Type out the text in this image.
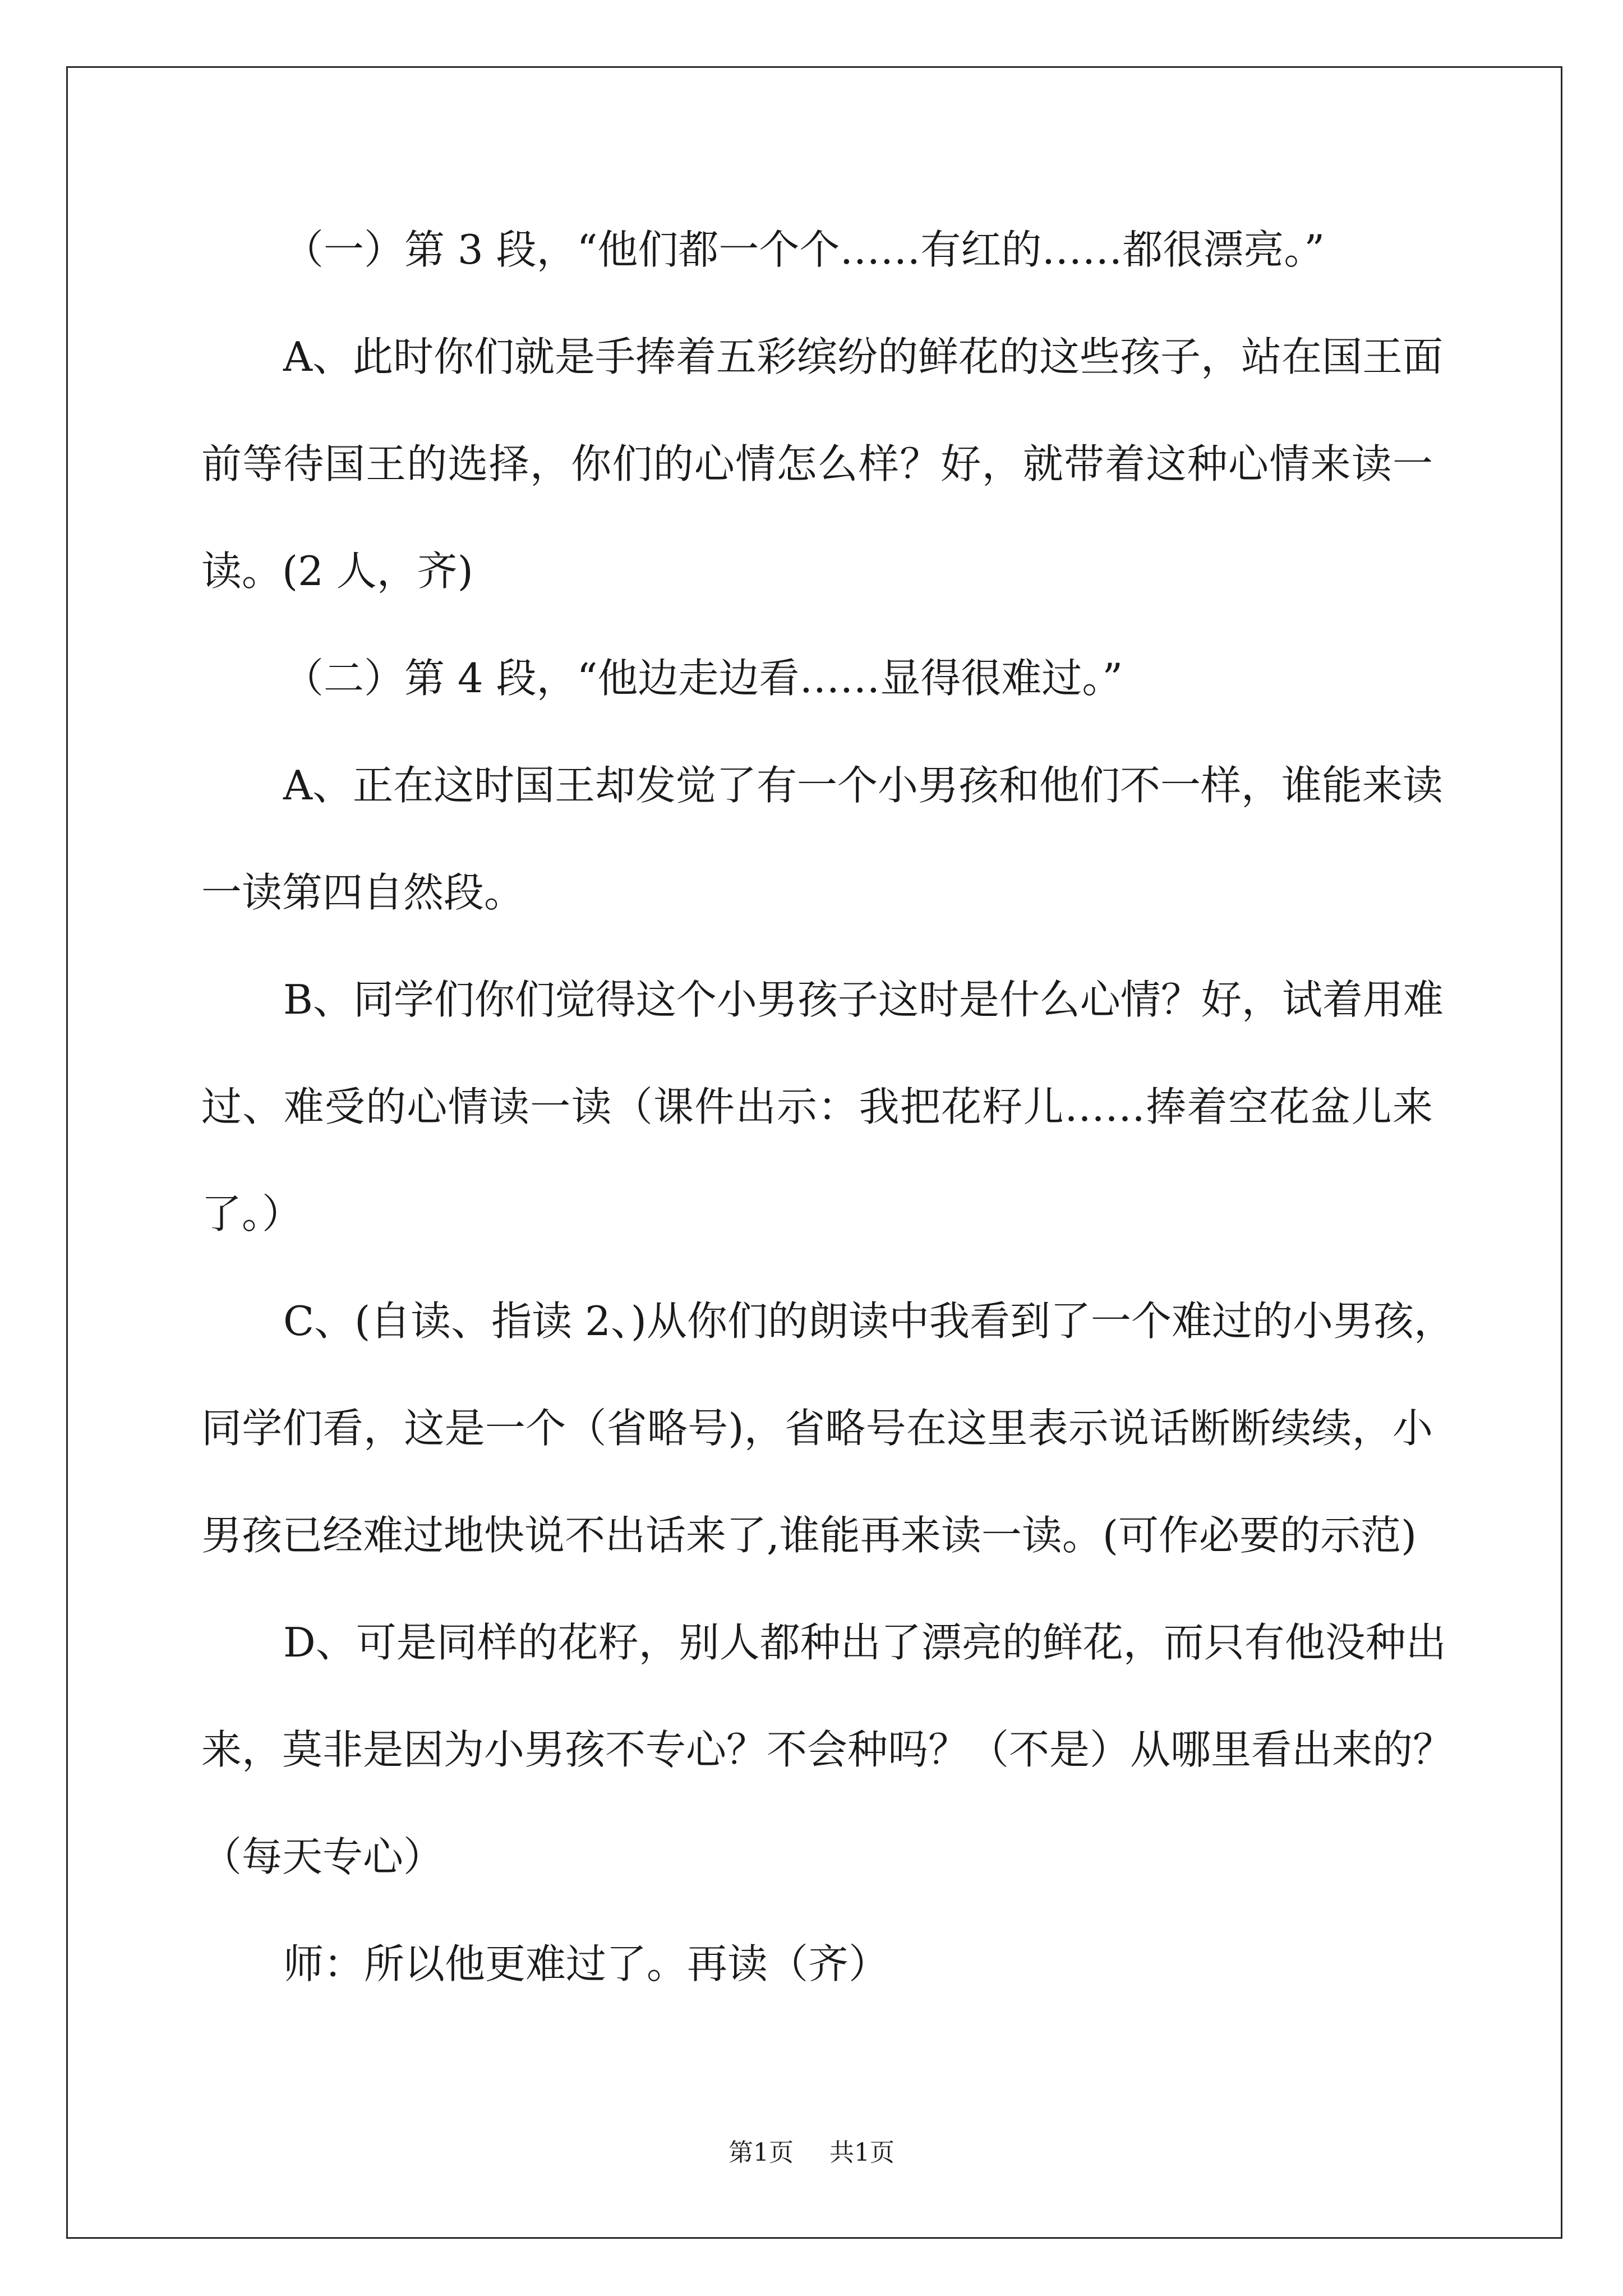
（一）第 3 段，“他们都一个个……有红的……都很漂亮。”
A、此时你们就是手捧着五彩缤纷的鲜花的这些孩子，站在国王面
前等待国王的选择，你们的心情怎么样？好，就带着这种心情来读一
读。(2 人，齐)
（二）第 4 段，“他边走边看……显得很难过。”
A、正在这时国王却发觉了有一个小男孩和他们不一样，谁能来读
一读第四自然段。
B、同学们你们觉得这个小男孩子这时是什么心情？好，试着用难
过、难受的心情读一读（课件出示：我把花籽儿……捧着空花盆儿来
了。）
C、(自读、指读 2、)从你们的朗读中我看到了一个难过的小男孩，
同学们看，这是一个（省略号)，省略号在这里表示说话断断续续，小
男孩已经难过地快说不出话来了,谁能再来读一读。(可作必要的示范)
D、可是同样的花籽，别人都种出了漂亮的鲜花，而只有他没种出
来，莫非是因为小男孩不专心？不会种吗？（不是）从哪里看出来的？
（每天专心）
师：所以他更难过了。再读（齐）
第1页 共1页
